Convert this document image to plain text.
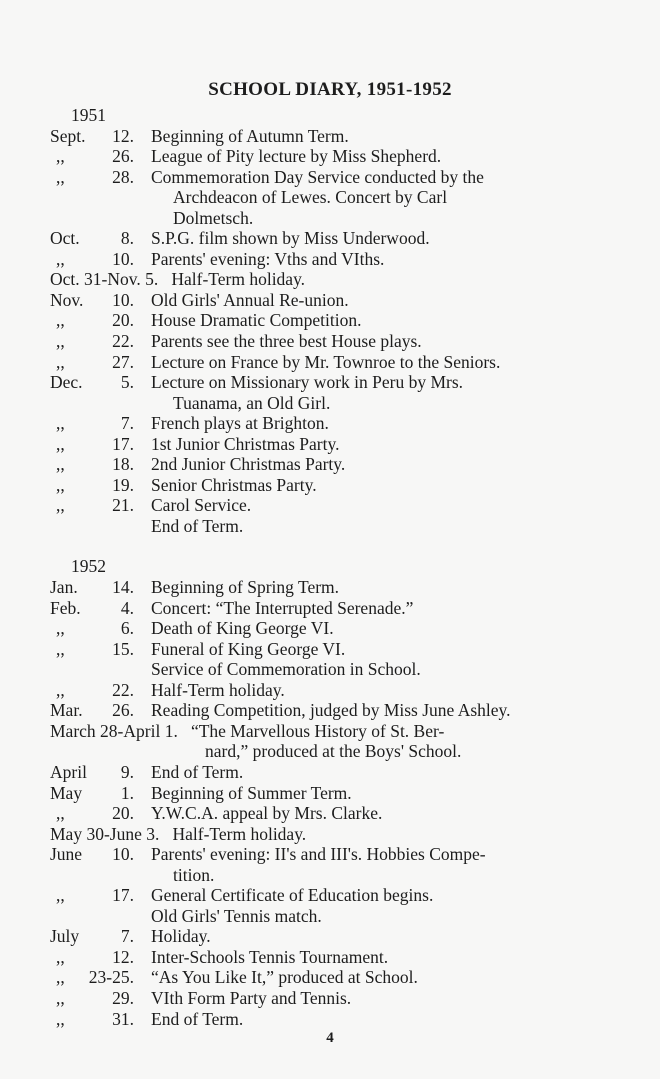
SCHOOL DIARY, 1951-1952
1951
Sept.	12. Beginning of Autumn Term.
,,	26. League of Pity lecture by Miss Shepherd.
,,	28. Commemoration Day Service conducted by the
Archdeacon of Lewes. Concert by Carl
Dolmetsch.
Oct.	8. S.P.G. film shown by Miss Underwood.
,,	10. Parents' evening: Vths and VIths.
Oct. 31-Nov. 5. Half-Term holiday.
Nov.	10. Old Girls' Annual Re-union.
,,	20. House Dramatic Competition.
,,	22. Parents see the three best House plays.
,,	27. Lecture on France by Mr. Townroe to the Seniors.
Dec.	5. Lecture on Missionary work in Peru by Mrs.
Tuanama, an Old Girl.
,,	7. French plays at Brighton.
,,	17. 1st Junior Christmas Party.
,,	18. 2nd Junior Christmas Party.
,,	19. Senior Christmas Party.
,,	21. Carol Service.
End of Term.
1952
Jan.	14. Beginning of Spring Term.
Feb.	4. Concert: “The Interrupted Serenade.”
,,	6. Death of King George VI.
,,	15. Funeral of King George VI.
Service of Commemoration in School.
,,	22. Half-Term holiday.
Mar.	26. Reading Competition, judged by Miss June Ashley.
March 28-April 1. “The Marvellous History of St. Ber-
nard,” produced at the Boys' School.
April	9. End of Term.
May	1. Beginning of Summer Term.
,,	20. Y.W.C.A. appeal by Mrs. Clarke.
May 30-June 3. Half-Term holiday.
June	10. Parents' evening: II's and III's. Hobbies Compe-
tition.
,,	17. General Certificate of Education begins.
Old Girls' Tennis match.
July	7. Holiday.
,,	12. Inter-Schools Tennis Tournament.
,,	23-25. “As You Like It,” produced at School.
,,	29. VIth Form Party and Tennis.
,,	31. End of Term.
4
